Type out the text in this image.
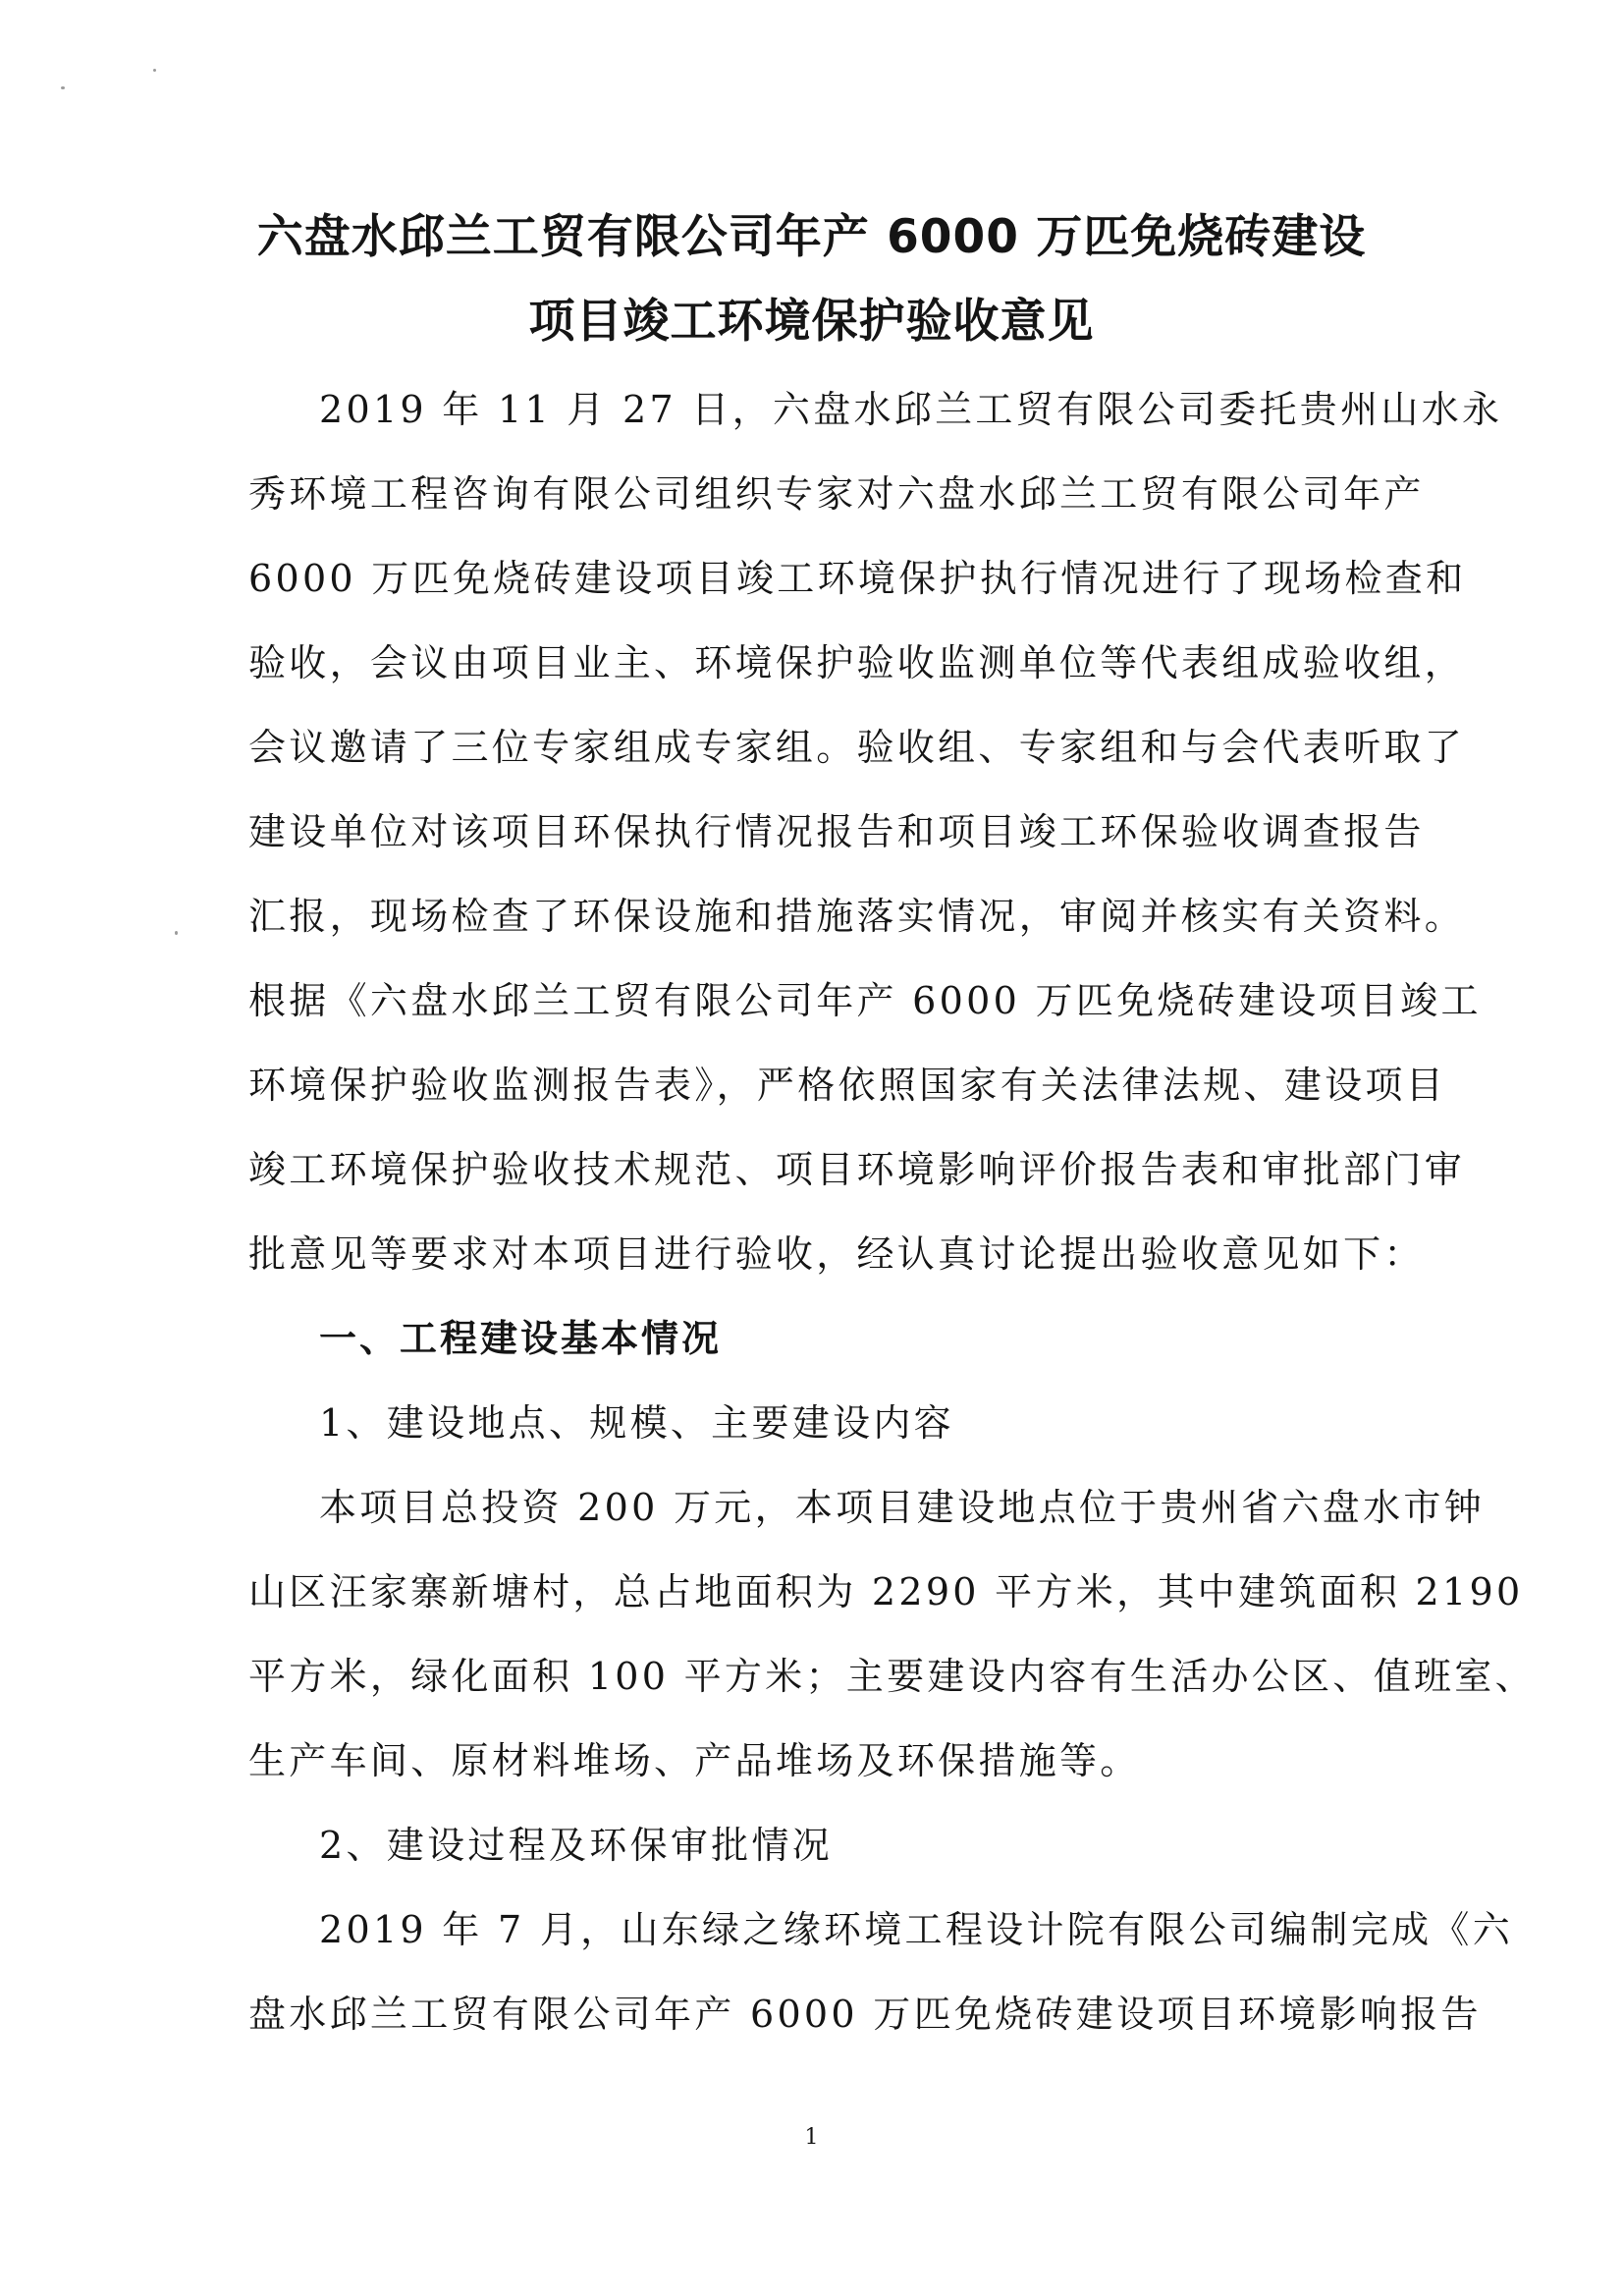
六盘水邱兰工贸有限公司年产 6000 万匹免烧砖建设
项目竣工环境保护验收意见
2019 年 11 月 27 日，六盘水邱兰工贸有限公司委托贵州山水永
秀环境工程咨询有限公司组织专家对六盘水邱兰工贸有限公司年产
6000 万匹免烧砖建设项目竣工环境保护执行情况进行了现场检查和
验收，会议由项目业主、环境保护验收监测单位等代表组成验收组，
会议邀请了三位专家组成专家组。验收组、专家组和与会代表听取了
建设单位对该项目环保执行情况报告和项目竣工环保验收调查报告
汇报，现场检查了环保设施和措施落实情况，审阅并核实有关资料。
根据《六盘水邱兰工贸有限公司年产 6000 万匹免烧砖建设项目竣工
环境保护验收监测报告表》，严格依照国家有关法律法规、建设项目
竣工环境保护验收技术规范、项目环境影响评价报告表和审批部门审
批意见等要求对本项目进行验收，经认真讨论提出验收意见如下：
一、工程建设基本情况
1、建设地点、规模、主要建设内容
本项目总投资 200 万元，本项目建设地点位于贵州省六盘水市钟
山区汪家寨新塘村，总占地面积为 2290 平方米，其中建筑面积 2190
平方米，绿化面积 100 平方米；主要建设内容有生活办公区、值班室、
生产车间、原材料堆场、产品堆场及环保措施等。
2、建设过程及环保审批情况
2019 年 7 月，山东绿之缘环境工程设计院有限公司编制完成《六
盘水邱兰工贸有限公司年产 6000 万匹免烧砖建设项目环境影响报告
1
